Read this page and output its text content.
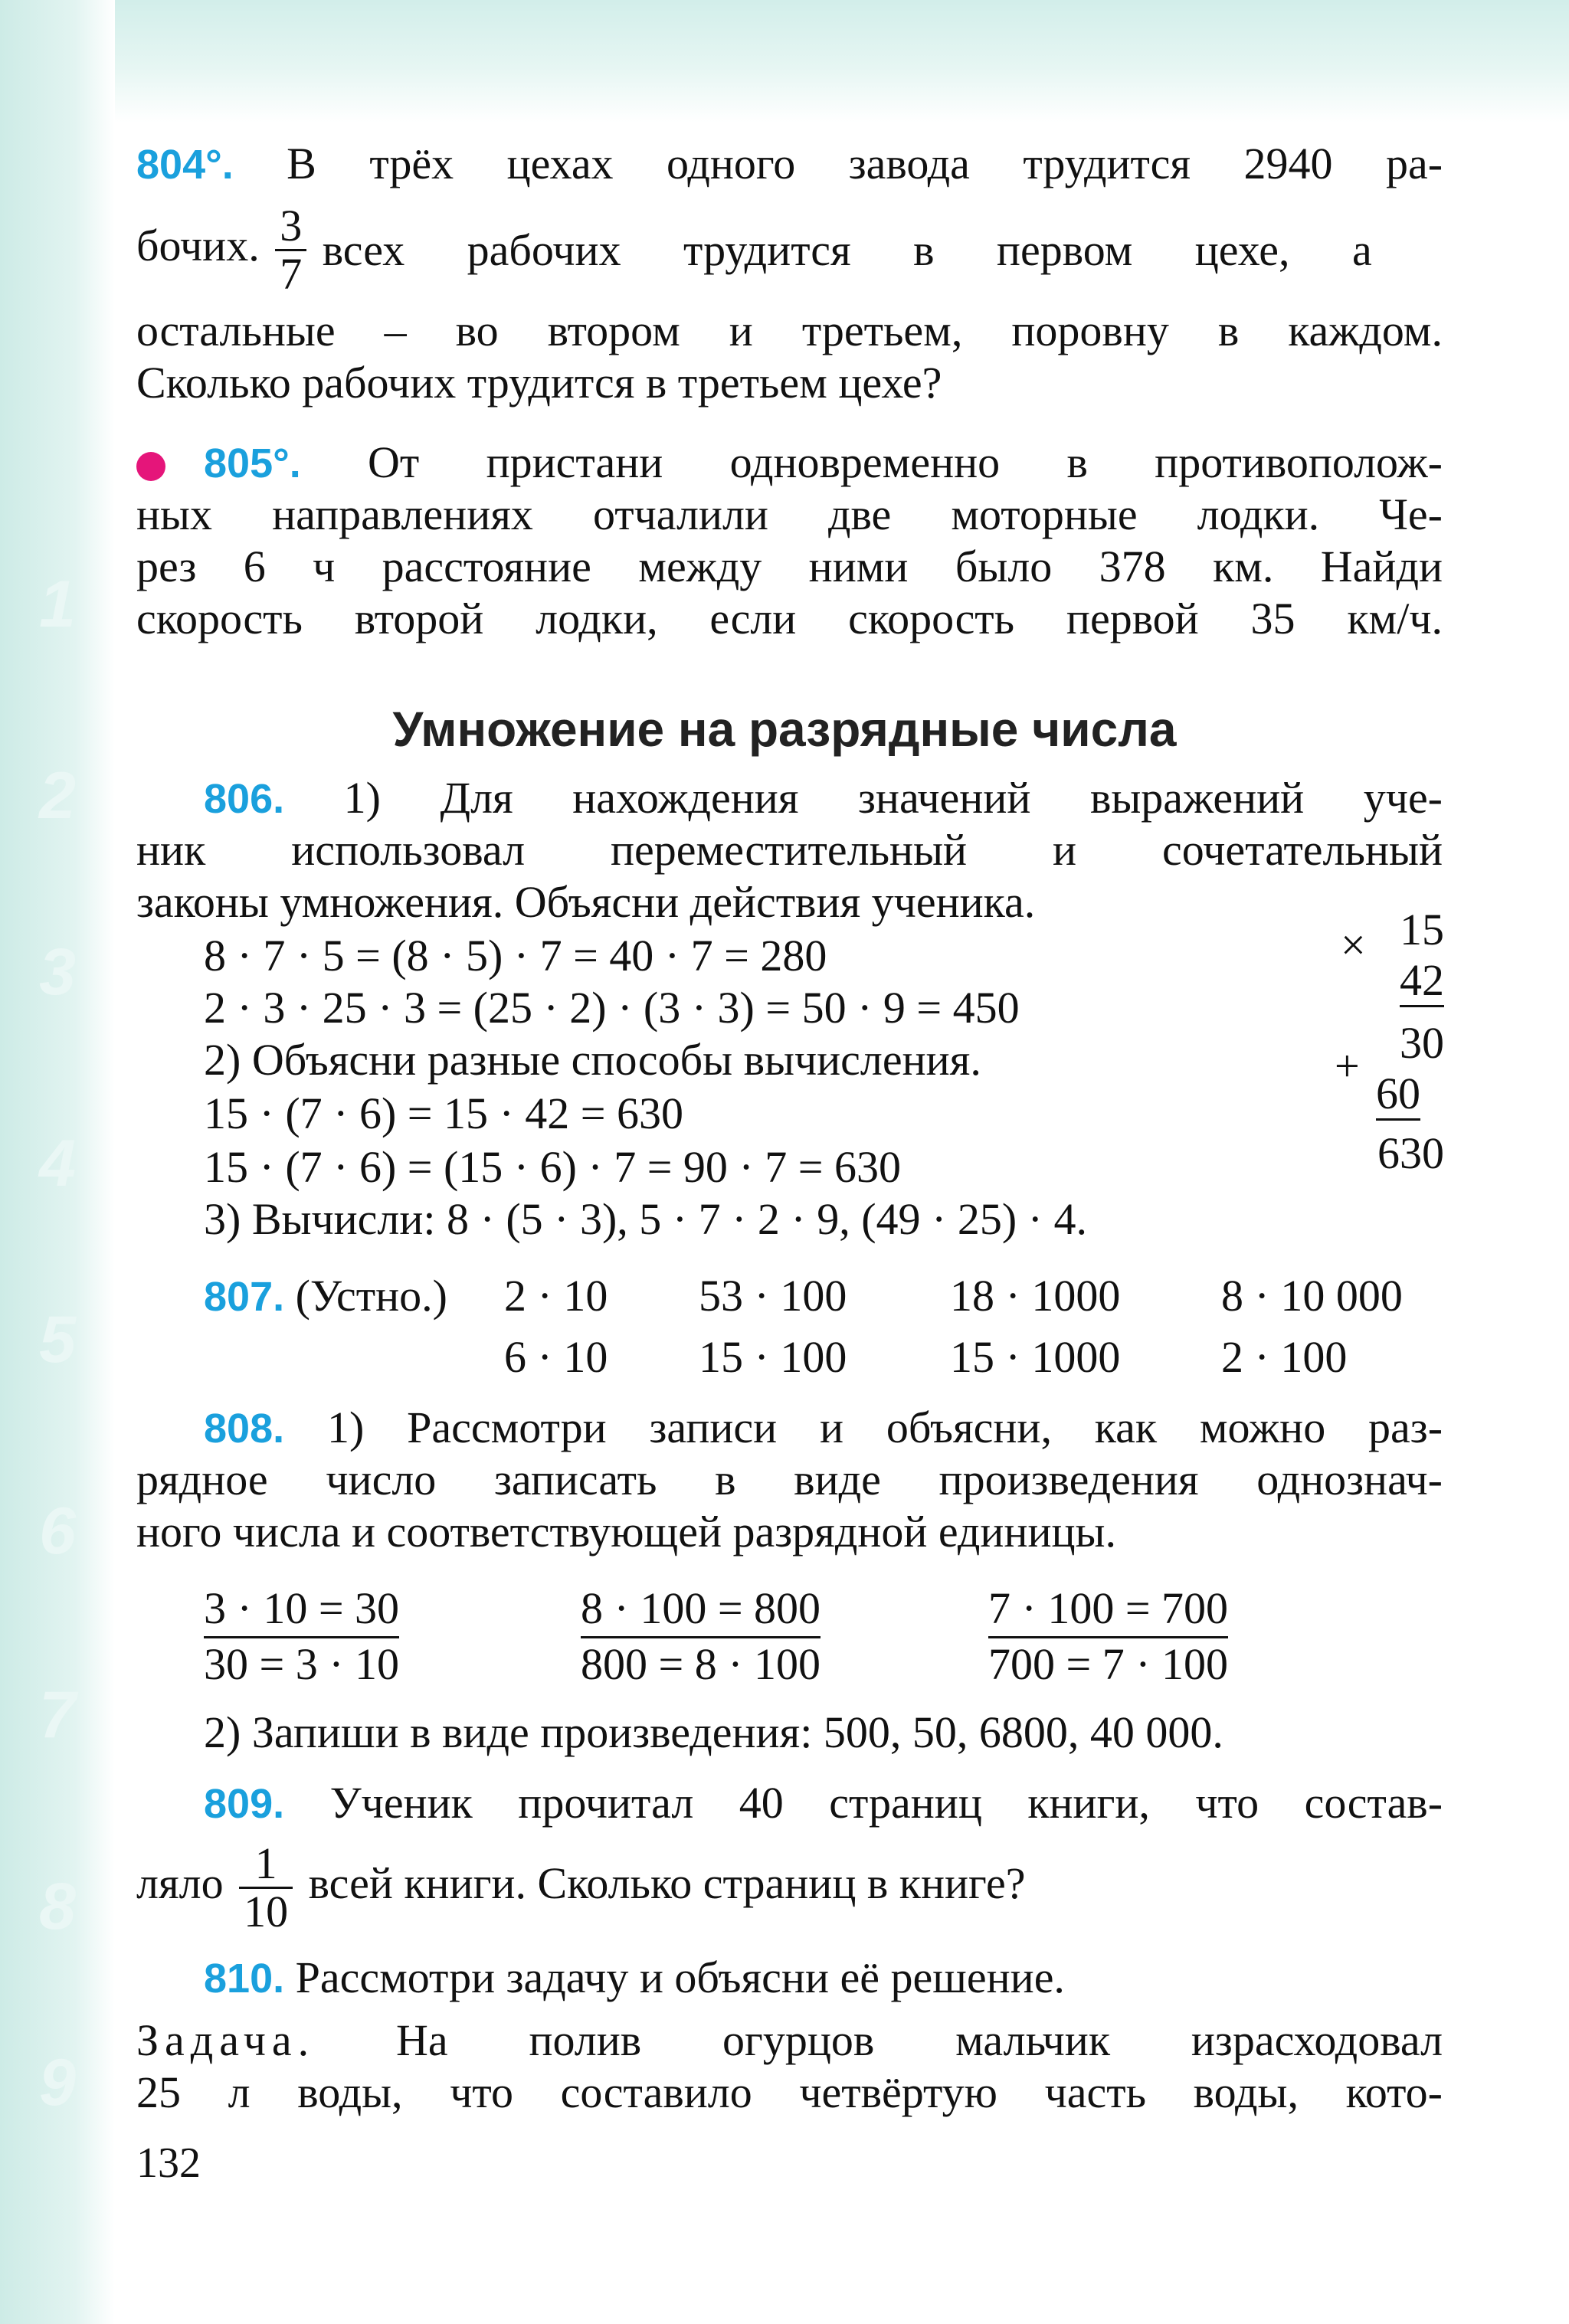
1
2
3
4
5
6
7
8
9
804°. В трёх цехах одного завода трудится 2940 ра-
бочих. $\frac{3}{7}$ всех рабочих трудится в первом цехе, а
остальные – во втором и третьем, поровну в каждом.
Сколько рабочих трудится в третьем цехе?
805°. От пристани одновременно в противополож-
ных направлениях отчалили две моторные лодки. Че-
рез 6 ч расстояние между ними было 378 км. Найди
скорость второй лодки, если скорость первой 35 км/ч.
Умножение на разрядные числа
806. 1) Для нахождения значений выражений уче-
ник использовал переместительный и сочетательный
законы умножения. Объясни действия ученика.
8 · 7 · 5 = (8 · 5) · 7 = 40 · 7 = 280
2 · 3 · 25 · 3 = (25 · 2) · (3 · 3) = 50 · 9 = 450
2) Объясни разные способы вычисления.
15 · (7 · 6) = 15 · 42 = 630
15 · (7 · 6) = (15 · 6) · 7 = 90 · 7 = 630
3) Вычисли: 8 · (5 · 3), 5 · 7 · 2 · 9, (49 · 25) · 4.
×
+
15
42
30
60
630
807. (Устно.)	2 · 10 53 · 100 18 · 1000 8 · 10 000
6 · 10 15 · 100 15 · 1000 2 · 100
808. 1) Рассмотри записи и объясни, как можно раз-
рядное число записать в виде произведения однознач-
ного числа и соответствующей разрядной единицы.
3 · 10 = 30
30 = 3 · 10
8 · 100 = 800
800 = 8 · 100
7 · 100 = 700
700 = 7 · 100
2) Запиши в виде произведения: 500, 50, 6800, 40 000.
809. Ученик прочитал 40 страниц книги, что состав-
ляло $\frac{1}{10}$ всей книги. Сколько страниц в книге?
810. Рассмотри задачу и объясни её решение.
Задача. На полив огурцов мальчик израсходовал
25 л воды, что составило четвёртую часть воды, кото-
132
